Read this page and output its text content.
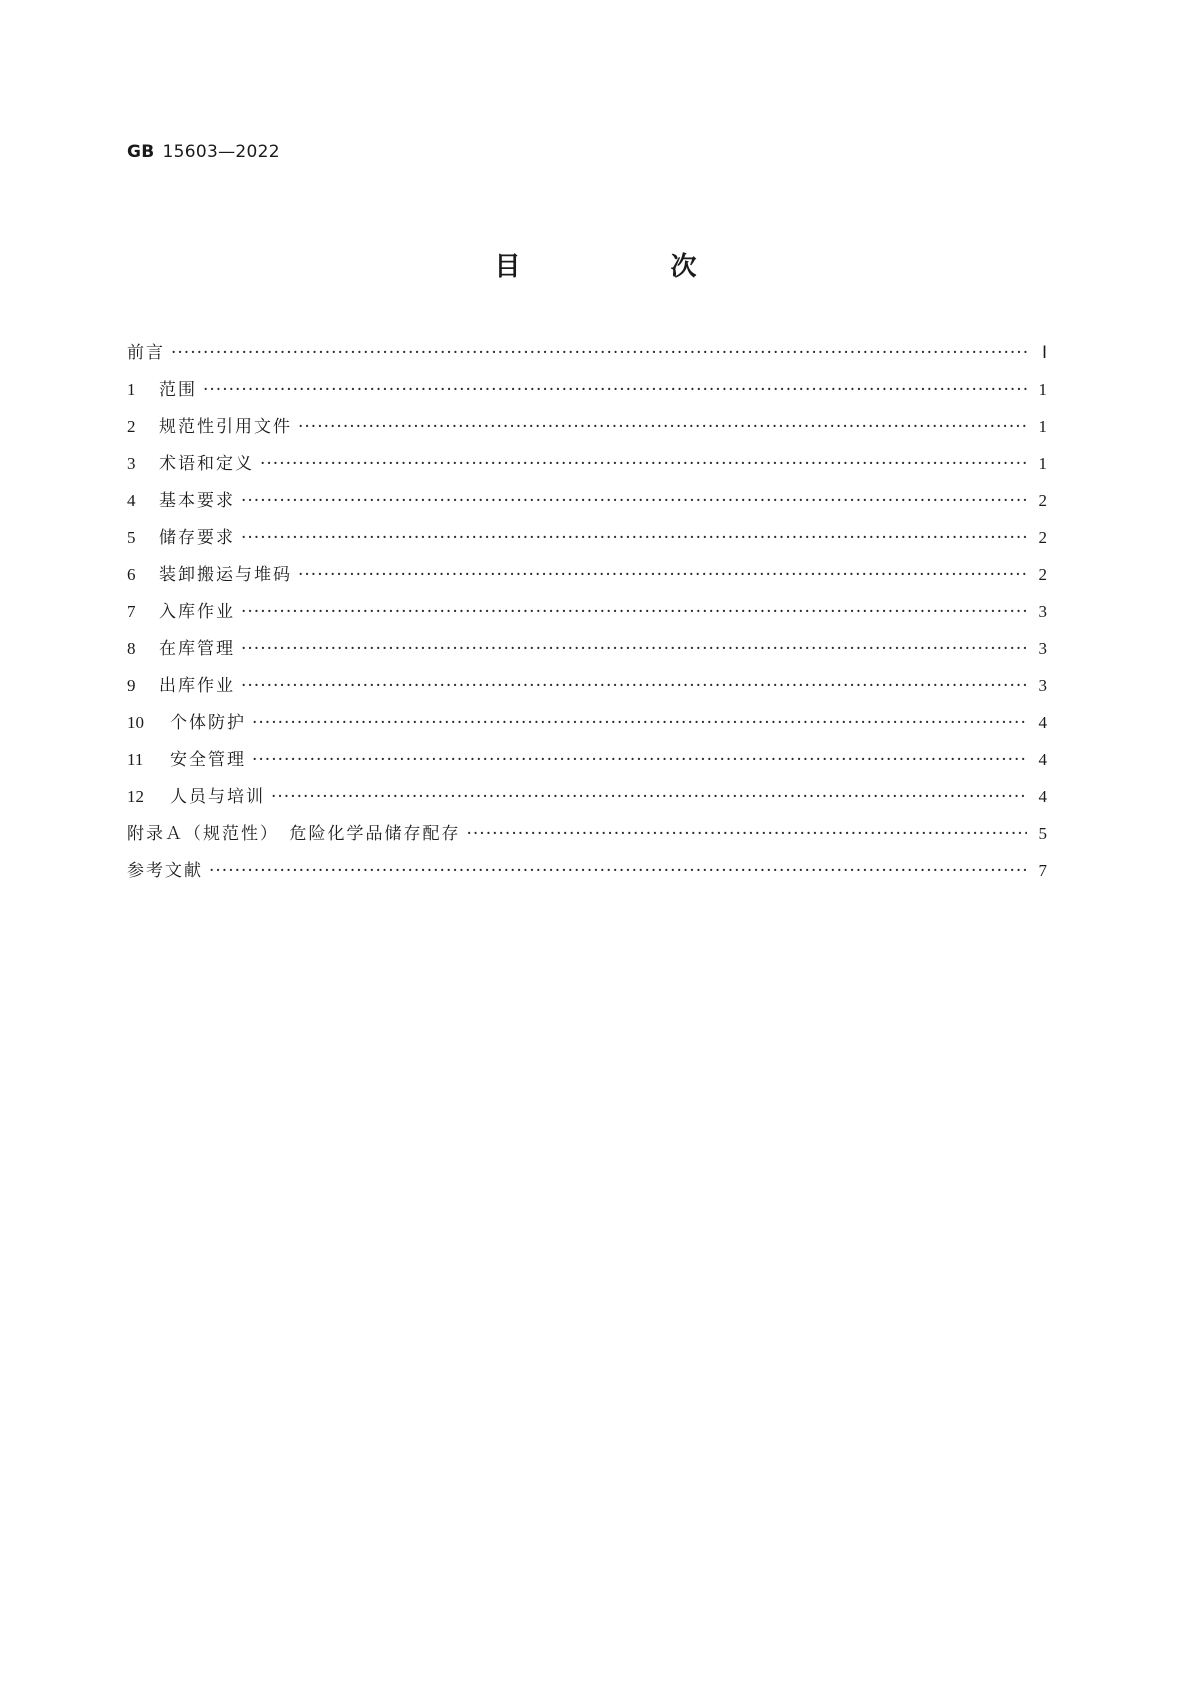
GB 15603—2022
目　次
前言 ·····	Ⅰ
1	范围 ·····	1
2	规范性引用文件 ·····	1
3	术语和定义 ·····	1
4	基本要求 ·····	2
5	储存要求 ·····	2
6	装卸搬运与堆码 ·····	2
7	入库作业 ·····	3
8	在库管理 ·····	3
9	出库作业 ·····	3
10	个体防护 ·····	4
11	安全管理 ·····	4
12	人员与培训 ·····	4
附录Ａ（规范性）　危险化学品储存配存 ·····	5
参考文献 ·····	7
